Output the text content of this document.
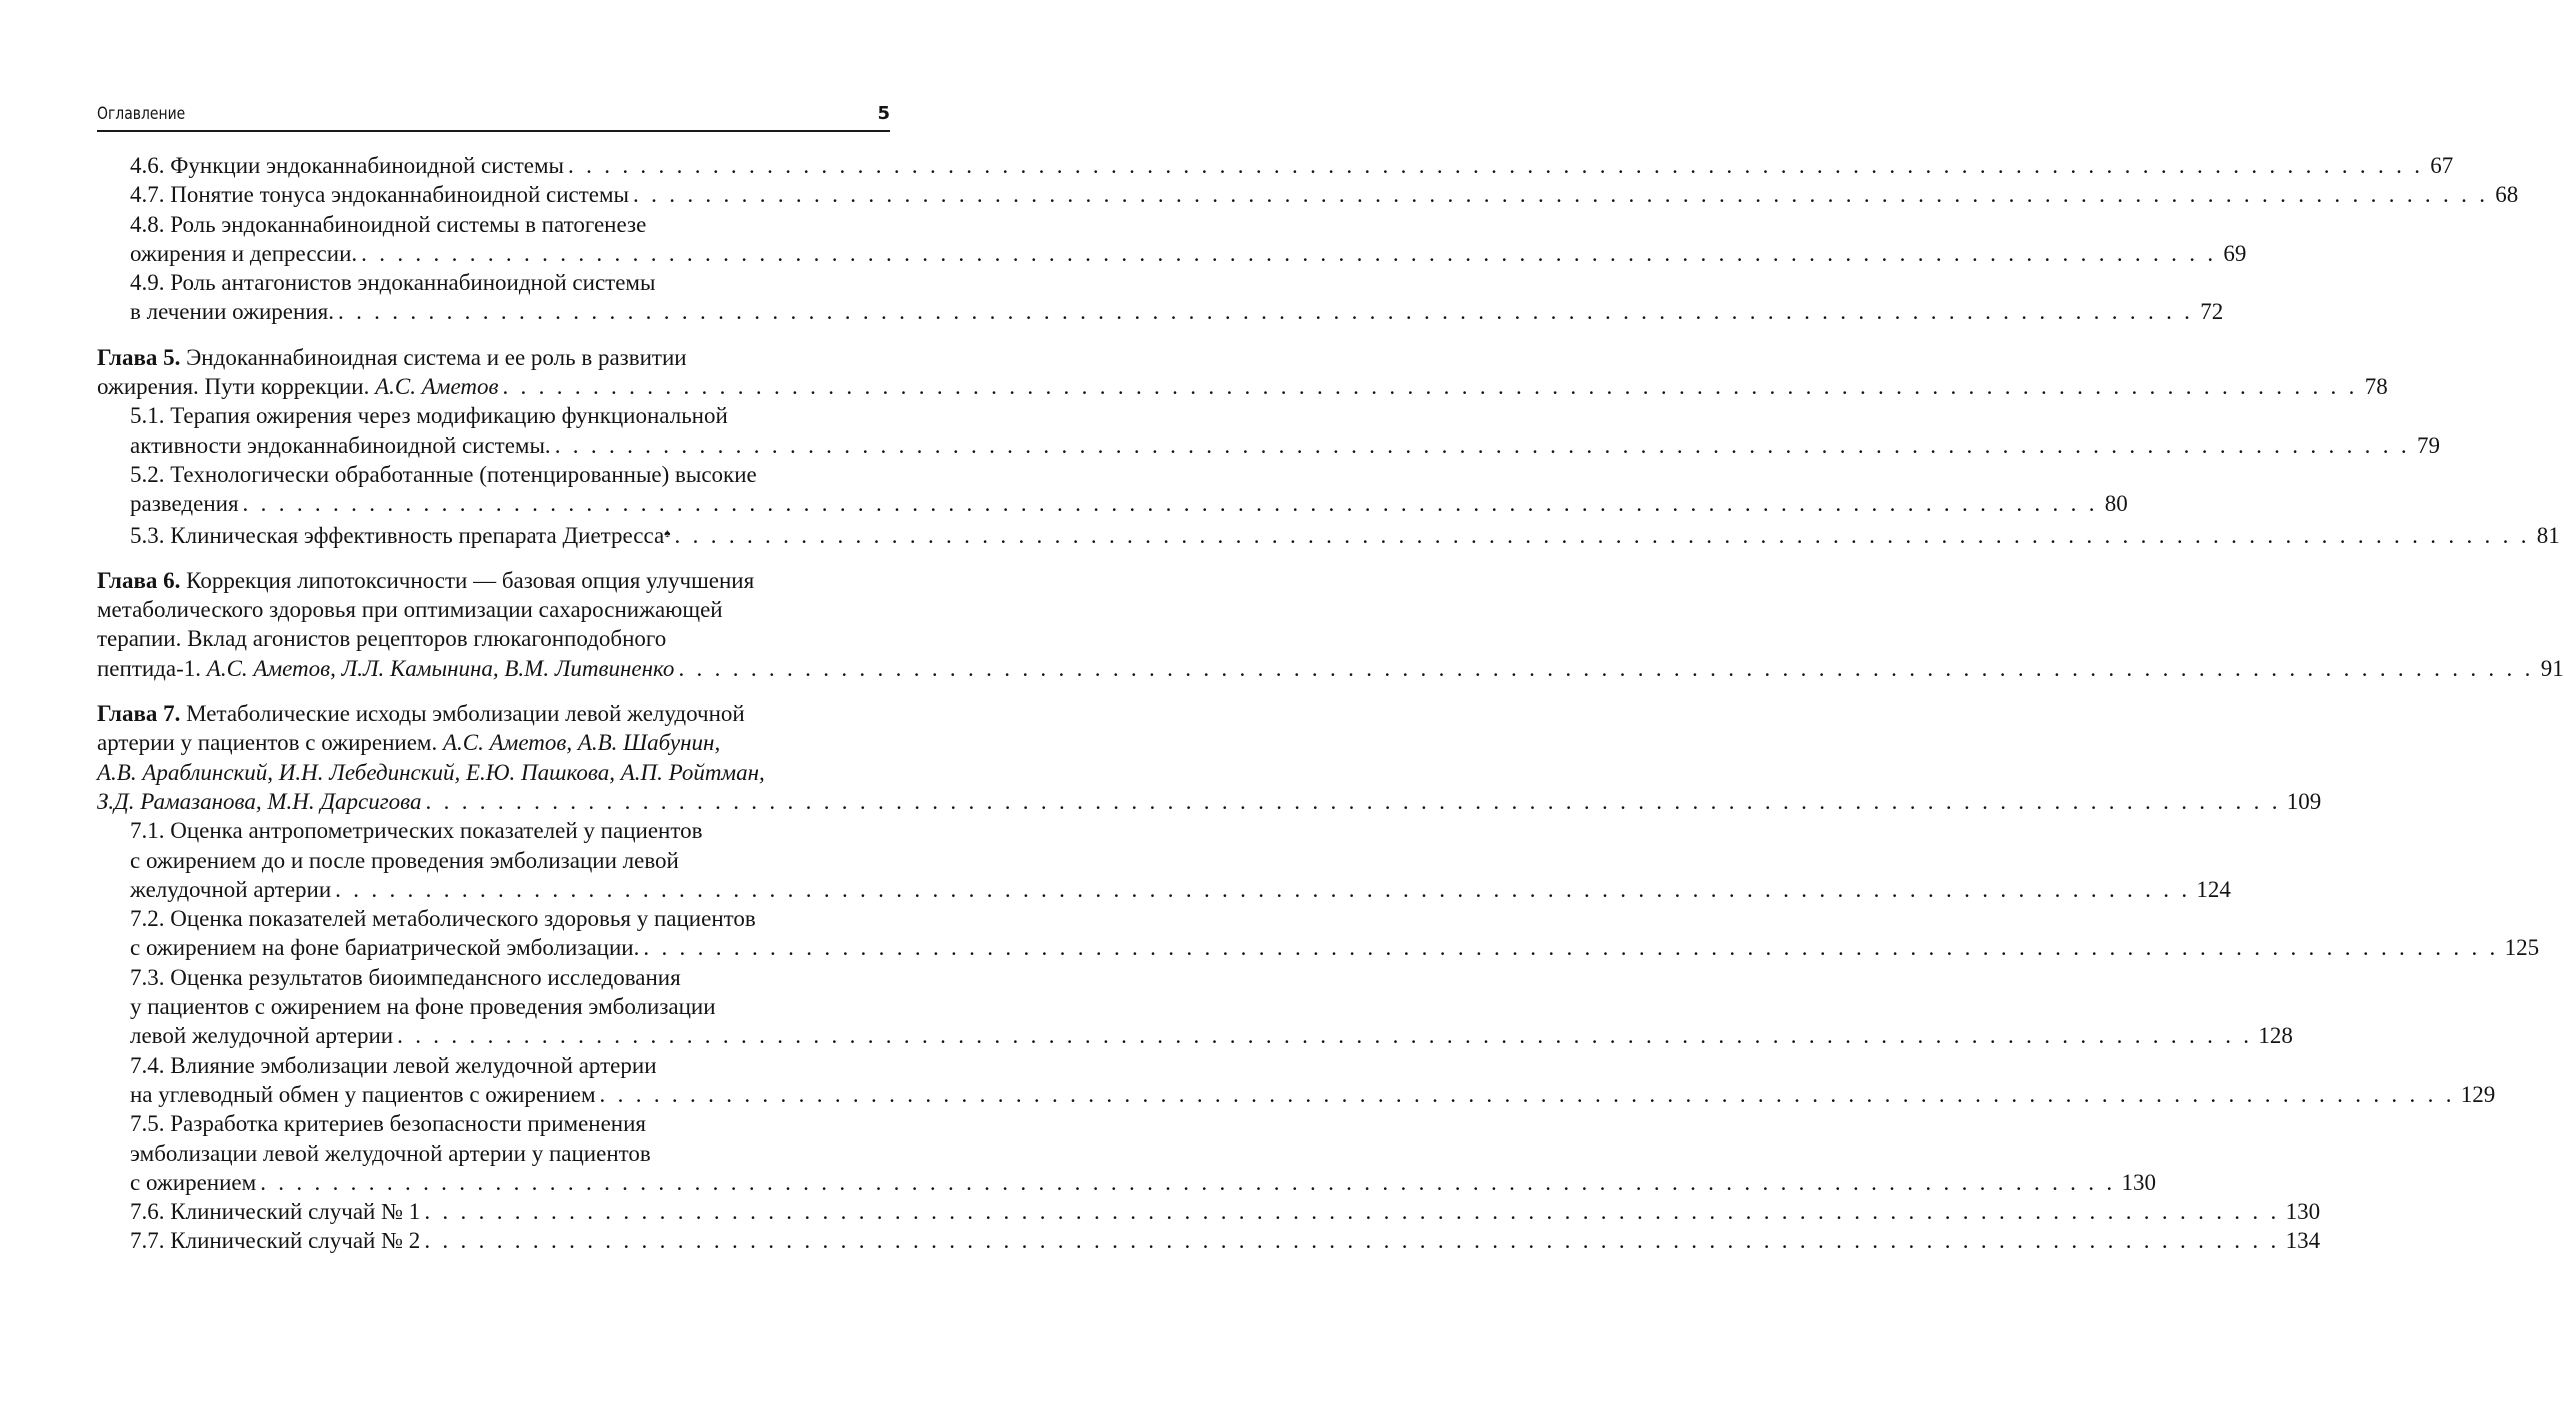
Оглавление	5
4.6. Функции эндоканнабиноидной системы . . . . . . . . . . . . . . . . . . . . . . . . . . . . . . . . . . . . . . . . . . . . . . . . . . . . . . . . . . . . . . . . . . . . . . . . . . . . . . . . . . . . . . . . . . . . . . . . . . . . . . . 67
4.7. Понятие тонуса эндоканнабиноидной системы . . . . . . . . . . . . . . . . . . . . . . . . . . . . . . . . . . . . . . . . . . . . . . . . . . . . . . . . . . . . . . . . . . . . . . . . . . . . . . . . . . . . . . . . . . . . . . . . . . . . . . . 68
4.8. Роль эндоканнабиноидной системы в патогенезе
ожирения и депрессии. . . . . . . . . . . . . . . . . . . . . . . . . . . . . . . . . . . . . . . . . . . . . . . . . . . . . . . . . . . . . . . . . . . . . . . . . . . . . . . . . . . . . . . . . . . . . . . . . . . . . . . . 69
4.9. Роль антагонистов эндоканнабиноидной системы
в лечении ожирения. . . . . . . . . . . . . . . . . . . . . . . . . . . . . . . . . . . . . . . . . . . . . . . . . . . . . . . . . . . . . . . . . . . . . . . . . . . . . . . . . . . . . . . . . . . . . . . . . . . . . . . . 72
Глава 5. Эндоканнабиноидная система и ее роль в развитии
ожирения. Пути коррекции. А.С. Аметов . . . . . . . . . . . . . . . . . . . . . . . . . . . . . . . . . . . . . . . . . . . . . . . . . . . . . . . . . . . . . . . . . . . . . . . . . . . . . . . . . . . . . . . . . . . . . . . . . . . . . . . 78
5.1. Терапия ожирения через модификацию функциональной
активности эндоканнабиноидной системы. . . . . . . . . . . . . . . . . . . . . . . . . . . . . . . . . . . . . . . . . . . . . . . . . . . . . . . . . . . . . . . . . . . . . . . . . . . . . . . . . . . . . . . . . . . . . . . . . . . . . . . . 79
5.2. Технологически обработанные (потенцированные) высокие
разведения . . . . . . . . . . . . . . . . . . . . . . . . . . . . . . . . . . . . . . . . . . . . . . . . . . . . . . . . . . . . . . . . . . . . . . . . . . . . . . . . . . . . . . . . . . . . . . . . . . . . . . . 80
5.3. Клиническая эффективность препарата Диетресса♠ . . . . . . . . . . . . . . . . . . . . . . . . . . . . . . . . . . . . . . . . . . . . . . . . . . . . . . . . . . . . . . . . . . . . . . . . . . . . . . . . . . . . . . . . . . . . . . . . . . . . . . . 81
Глава 6. Коррекция липотоксичности — базовая опция улучшения
метаболического здоровья при оптимизации сахароснижающей
терапии. Вклад агонистов рецепторов глюкагонподобного
пептида-1. А.С. Аметов, Л.Л. Камынина, В.М. Литвиненко . . . . . . . . . . . . . . . . . . . . . . . . . . . . . . . . . . . . . . . . . . . . . . . . . . . . . . . . . . . . . . . . . . . . . . . . . . . . . . . . . . . . . . . . . . . . . . . . . . . . . . . 91
Глава 7. Метаболические исходы эмболизации левой желудочной
артерии у пациентов с ожирением. А.С. Аметов, А.В. Шабунин,
А.В. Араблинский, И.Н. Лебединский, Е.Ю. Пашкова, А.П. Ройтман,
З.Д. Рамазанова, М.Н. Дарсигова . . . . . . . . . . . . . . . . . . . . . . . . . . . . . . . . . . . . . . . . . . . . . . . . . . . . . . . . . . . . . . . . . . . . . . . . . . . . . . . . . . . . . . . . . . . . . . . . . . . . . . . 109
7.1. Оценка антропометрических показателей у пациентов
с ожирением до и после проведения эмболизации левой
желудочной артерии . . . . . . . . . . . . . . . . . . . . . . . . . . . . . . . . . . . . . . . . . . . . . . . . . . . . . . . . . . . . . . . . . . . . . . . . . . . . . . . . . . . . . . . . . . . . . . . . . . . . . . . 124
7.2. Оценка показателей метаболического здоровья у пациентов
с ожирением на фоне бариатрической эмболизации. . . . . . . . . . . . . . . . . . . . . . . . . . . . . . . . . . . . . . . . . . . . . . . . . . . . . . . . . . . . . . . . . . . . . . . . . . . . . . . . . . . . . . . . . . . . . . . . . . . . . . . . 125
7.3. Оценка результатов биоимпедансного исследования
у пациентов с ожирением на фоне проведения эмболизации
левой желудочной артерии . . . . . . . . . . . . . . . . . . . . . . . . . . . . . . . . . . . . . . . . . . . . . . . . . . . . . . . . . . . . . . . . . . . . . . . . . . . . . . . . . . . . . . . . . . . . . . . . . . . . . . . 128
7.4. Влияние эмболизации левой желудочной артерии
на углеводный обмен у пациентов с ожирением . . . . . . . . . . . . . . . . . . . . . . . . . . . . . . . . . . . . . . . . . . . . . . . . . . . . . . . . . . . . . . . . . . . . . . . . . . . . . . . . . . . . . . . . . . . . . . . . . . . . . . . 129
7.5. Разработка критериев безопасности применения
эмболизации левой желудочной артерии у пациентов
с ожирением . . . . . . . . . . . . . . . . . . . . . . . . . . . . . . . . . . . . . . . . . . . . . . . . . . . . . . . . . . . . . . . . . . . . . . . . . . . . . . . . . . . . . . . . . . . . . . . . . . . . . . . 130
7.6. Клинический случай № 1 . . . . . . . . . . . . . . . . . . . . . . . . . . . . . . . . . . . . . . . . . . . . . . . . . . . . . . . . . . . . . . . . . . . . . . . . . . . . . . . . . . . . . . . . . . . . . . . . . . . . . . . 130
7.7. Клинический случай № 2 . . . . . . . . . . . . . . . . . . . . . . . . . . . . . . . . . . . . . . . . . . . . . . . . . . . . . . . . . . . . . . . . . . . . . . . . . . . . . . . . . . . . . . . . . . . . . . . . . . . . . . . 134
